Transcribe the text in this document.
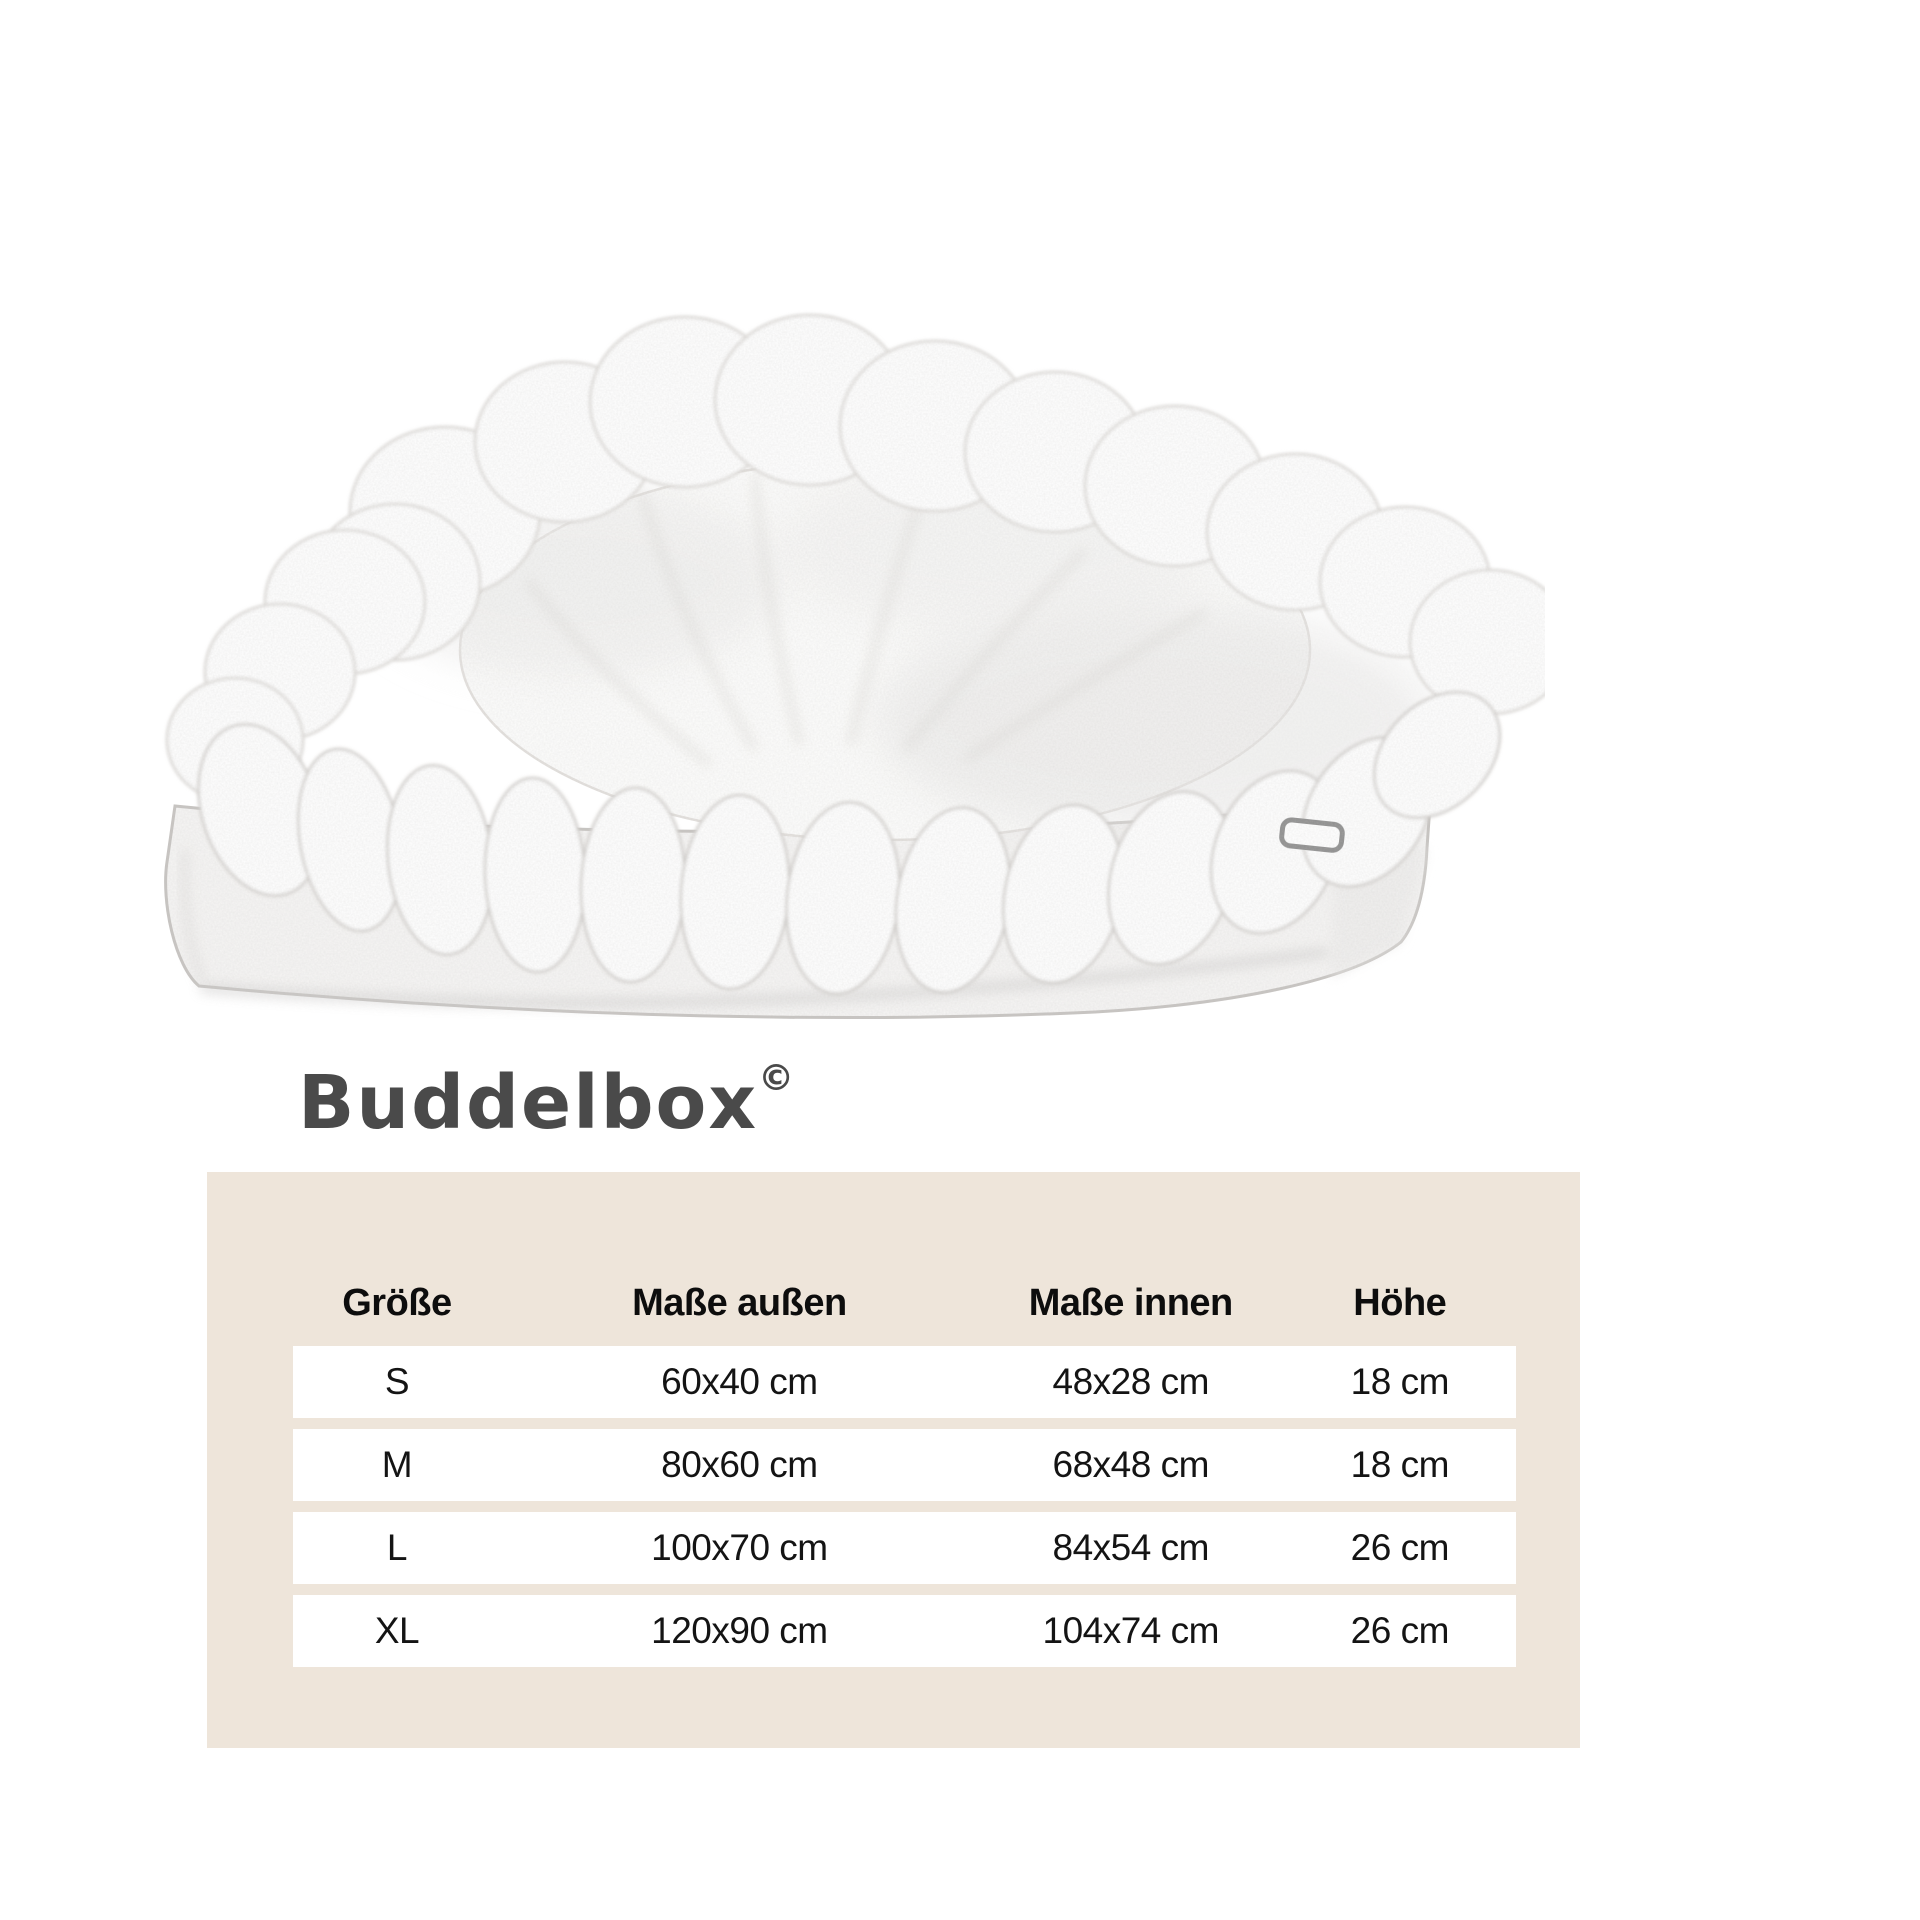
Buddelbox©
Größe	Maße außen	Maße innen	Höhe
S	60x40 cm	48x28 cm	18 cm
M	80x60 cm	68x48 cm	18 cm
L	100x70 cm	84x54 cm	26 cm
XL	120x90 cm	104x74 cm	26 cm
